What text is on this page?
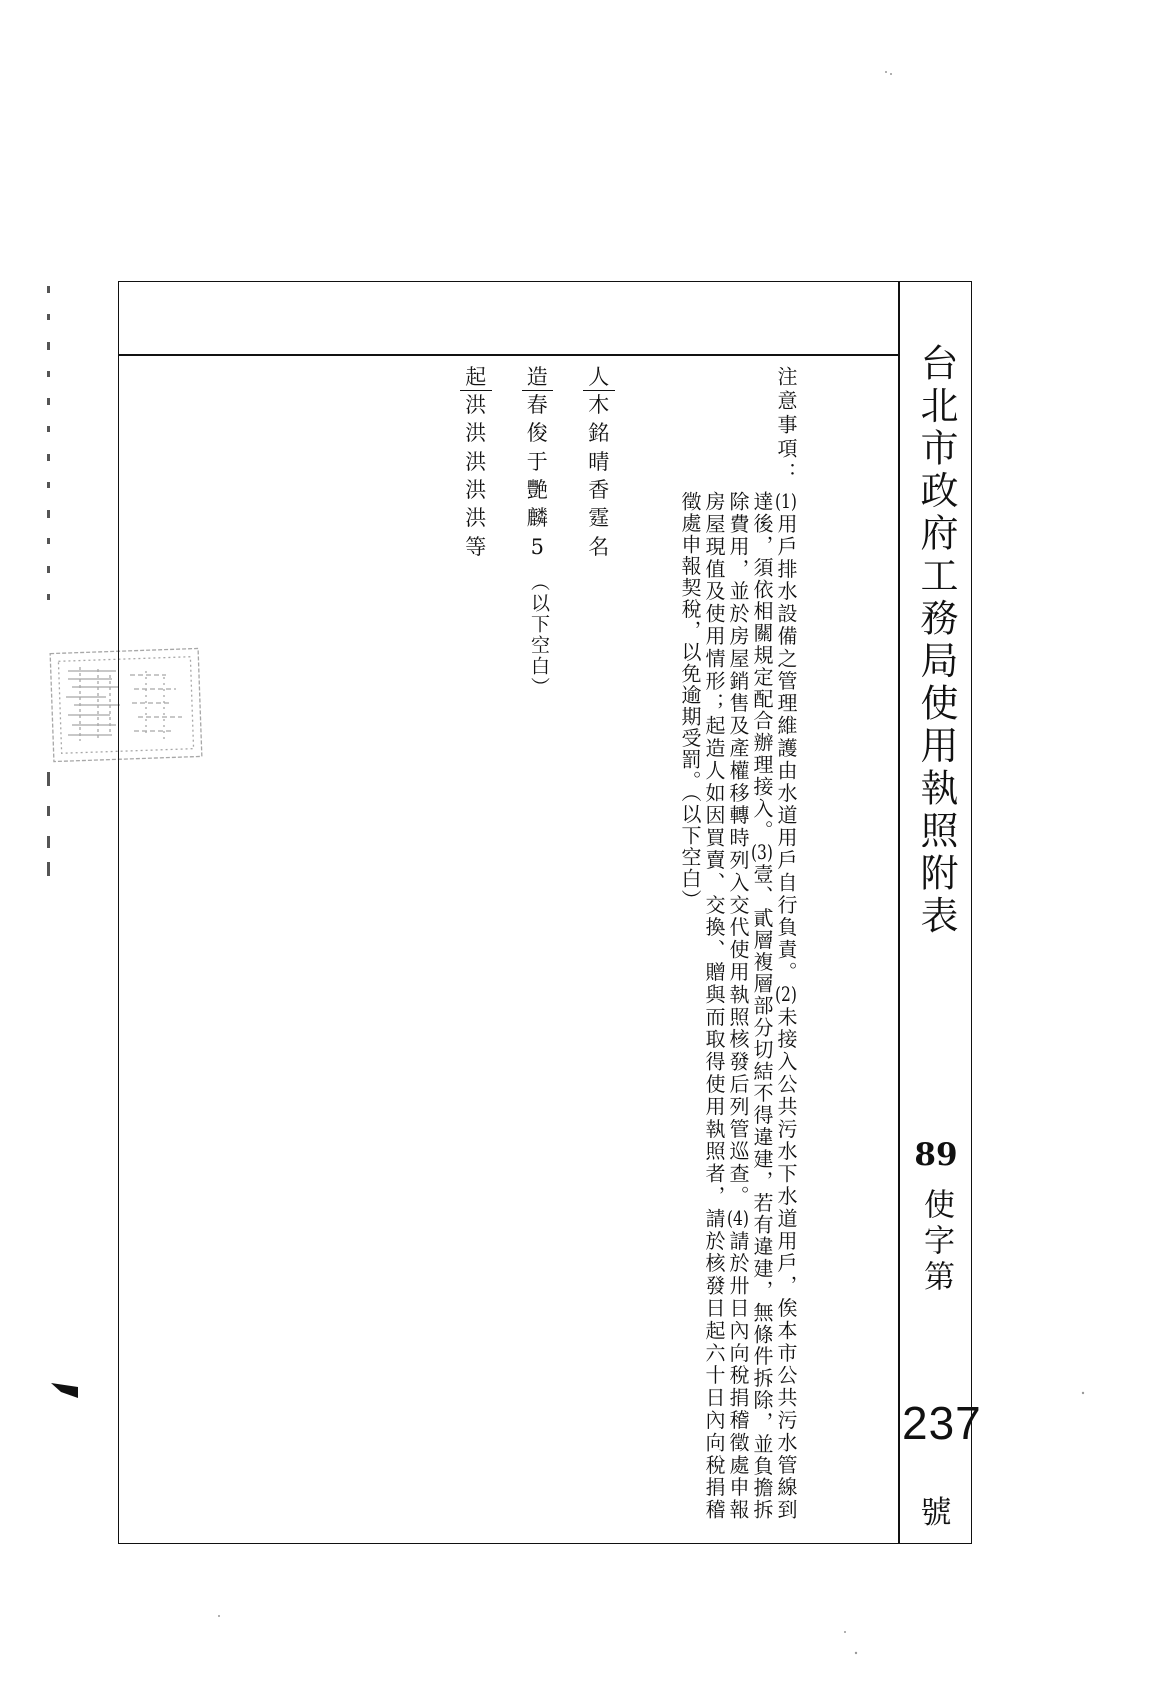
台北市政府工務局使用執照附表
89
使字第
237
號
注意事項：
(1)用戶排水設備之管理維護由水道用戶自行負責。(2)未接入公共污水下水道用戶，俟本市公共污水管線到
達後，須依相關規定配合辦理接入。(3)壹、貳層複層部分切結不得違建，若有違建，無條件拆除，並負擔拆
除費用，並於房屋銷售及產權移轉時列入交代使用執照核發后列管巡查。(4)請於卅日內向稅捐稽徵處申報
房屋現值及使用情形；起造人如因買賣、交換、贈與而取得使用執照者，請於核發日起六十日內向稅捐稽
徵處申報契稅，以免逾期受罰。（以下空白）
起 造 人
洪 春 木
洪 俊 銘
洪 于 晴
洪 艷 香
洪 麟 霆
等 5 名
（以下空白）
